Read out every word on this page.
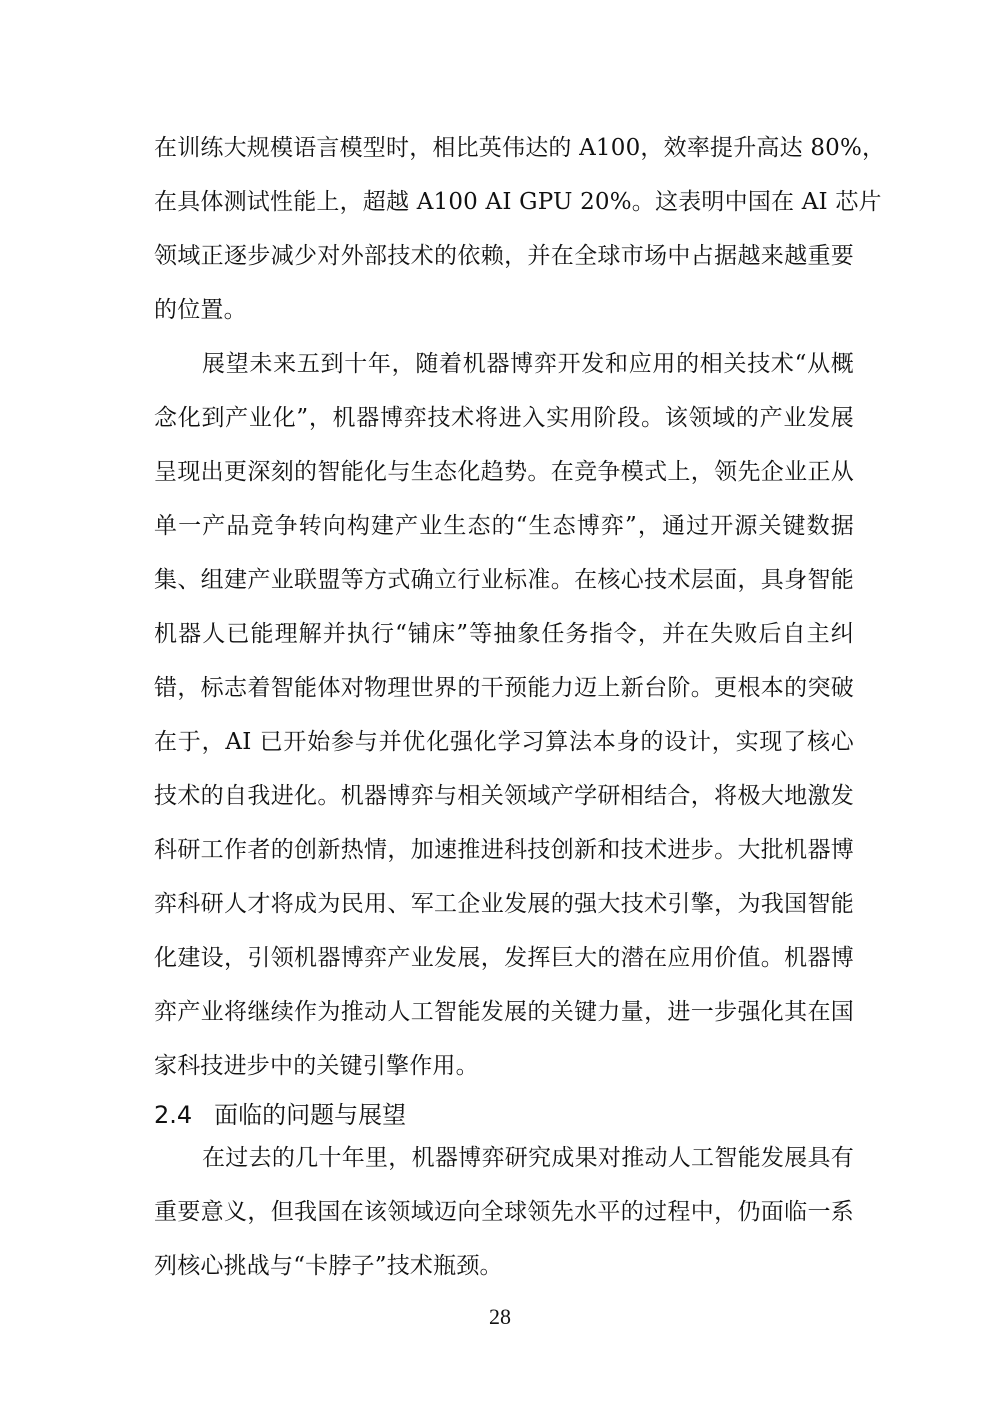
在训练大规模语言模型时，相比英伟达的 A100，效率提升高达 80%，
在具体测试性能上，超越 A100 AI GPU 20%。这表明中国在 AI 芯片
领域正逐步减少对外部技术的依赖，并在全球市场中占据越来越重要
的位置。
展望未来五到十年，随着机器博弈开发和应用的相关技术“从概
念化到产业化”，机器博弈技术将进入实用阶段。该领域的产业发展
呈现出更深刻的智能化与生态化趋势。在竞争模式上，领先企业正从
单一产品竞争转向构建产业生态的“生态博弈”，通过开源关键数据
集、组建产业联盟等方式确立行业标准。在核心技术层面，具身智能
机器人已能理解并执行“铺床”等抽象任务指令，并在失败后自主纠
错，标志着智能体对物理世界的干预能力迈上新台阶。更根本的突破
在于，AI 已开始参与并优化强化学习算法本身的设计，实现了核心
技术的自我进化。机器博弈与相关领域产学研相结合，将极大地激发
科研工作者的创新热情，加速推进科技创新和技术进步。大批机器博
弈科研人才将成为民用、军工企业发展的强大技术引擎，为我国智能
化建设，引领机器博弈产业发展，发挥巨大的潜在应用价值。机器博
弈产业将继续作为推动人工智能发展的关键力量，进一步强化其在国
家科技进步中的关键引擎作用。
2.4 面临的问题与展望
在过去的几十年里，机器博弈研究成果对推动人工智能发展具有
重要意义，但我国在该领域迈向全球领先水平的过程中，仍面临一系
列核心挑战与“卡脖子”技术瓶颈。
28
